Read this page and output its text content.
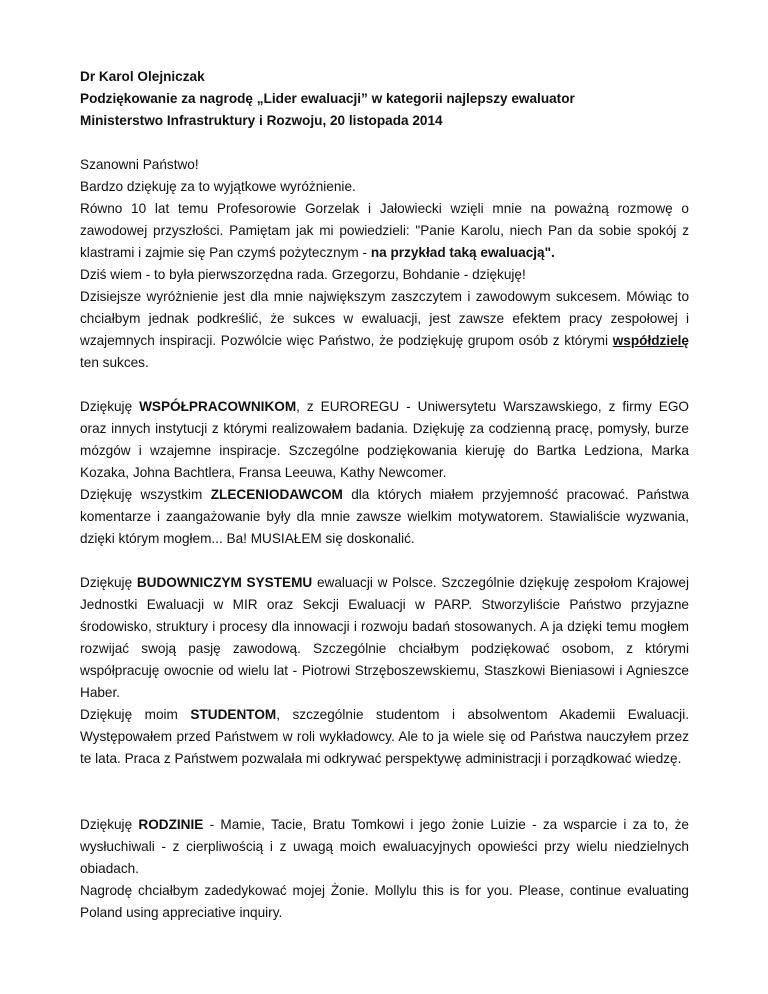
Dr Karol Olejniczak

Podziękowanie za nagrodę „Lider ewaluacji” w kategorii najlepszy ewaluator

Ministerstwo Infrastruktury i Rozwoju, 20 listopada 2014

Szanowni Państwo!
Bardzo dziękuję za to wyjątkowe wyróżnienie.
Równo 10 lat temu Profesorowie Gorzelak i Jałowiecki wzięli mnie na poważną rozmowę o zawodowej przyszłości. Pamiętam jak mi powiedzieli: "Panie Karolu, niech Pan da sobie spokój z klastrami i zajmie się Pan czymś pożytecznym - na przykład taką ewaluacją".
Dziś wiem - to była pierwszorzędna rada. Grzegorzu, Bohdanie - dziękuję!

Dzisiejsze wyróżnienie jest dla mnie największym zaszczytem i zawodowym sukcesem. Mówiąc to chciałbym jednak podkreślić, że sukces w ewaluacji, jest zawsze efektem pracy zespołowej i wzajemnych inspiracji. Pozwólcie więc Państwo, że podziękuję grupom osób z którymi współdzielę ten sukces.

Dziękuję WSPÓŁPRACOWNIKOM, z EUROREGU - Uniwersytetu Warszawskiego, z firmy EGO oraz innych instytucji z którymi realizowałem badania. Dziękuję za codzienną pracę, pomysły, burze mózgów i wzajemne inspiracje. Szczególne podziękowania kieruję do Bartka Ledziona, Marka Kozaka, Johna Bachtlera, Fransa Leeuwa, Kathy Newcomer.

Dziękuję wszystkim ZLECENIODAWCOM dla których miałem przyjemność pracować. Państwa komentarze i zaangażowanie były dla mnie zawsze wielkim motywatorem. Stawialiście wyzwania, dzięki którym mogłem... Ba! MUSIAŁEM się doskonalić.

Dziękuję BUDOWNICZYM SYSTEMU ewaluacji w Polsce. Szczególnie dziękuję zespołom Krajowej Jednostki Ewaluacji w MIR oraz Sekcji Ewaluacji w PARP. Stworzyliście Państwo przyjazne środowisko, struktury i procesy dla innowacji i rozwoju badań stosowanych. A ja dzięki temu mogłem rozwijać swoją pasję zawodową. Szczególnie chciałbym podziękować osobom, z którymi współpracuję owocnie od wielu lat - Piotrowi Strzęboszewskiemu, Staszkowi Bieniasowi i Agnieszce Haber.

Dziękuję moim STUDENTOM, szczególnie studentom i absolwentom Akademii Ewaluacji. Występowałem przed Państwem w roli wykładowcy. Ale to ja wiele się od Państwa nauczyłem przez te lata. Praca z Państwem pozwalała mi odkrywać perspektywę administracji i porządkować wiedzę.

Dziękuję RODZINIE - Mamie, Tacie, Bratu Tomkowi i jego żonie Luizie - za wsparcie i za to, że wysłuchiwali - z cierpliwością i z uwagą moich ewaluacyjnych opowieści przy wielu niedzielnych obiadach.

Nagrodę chciałbym zadedykować mojej Żonie. Mollylu this is for you. Please, continue evaluating Poland using appreciative inquiry.
